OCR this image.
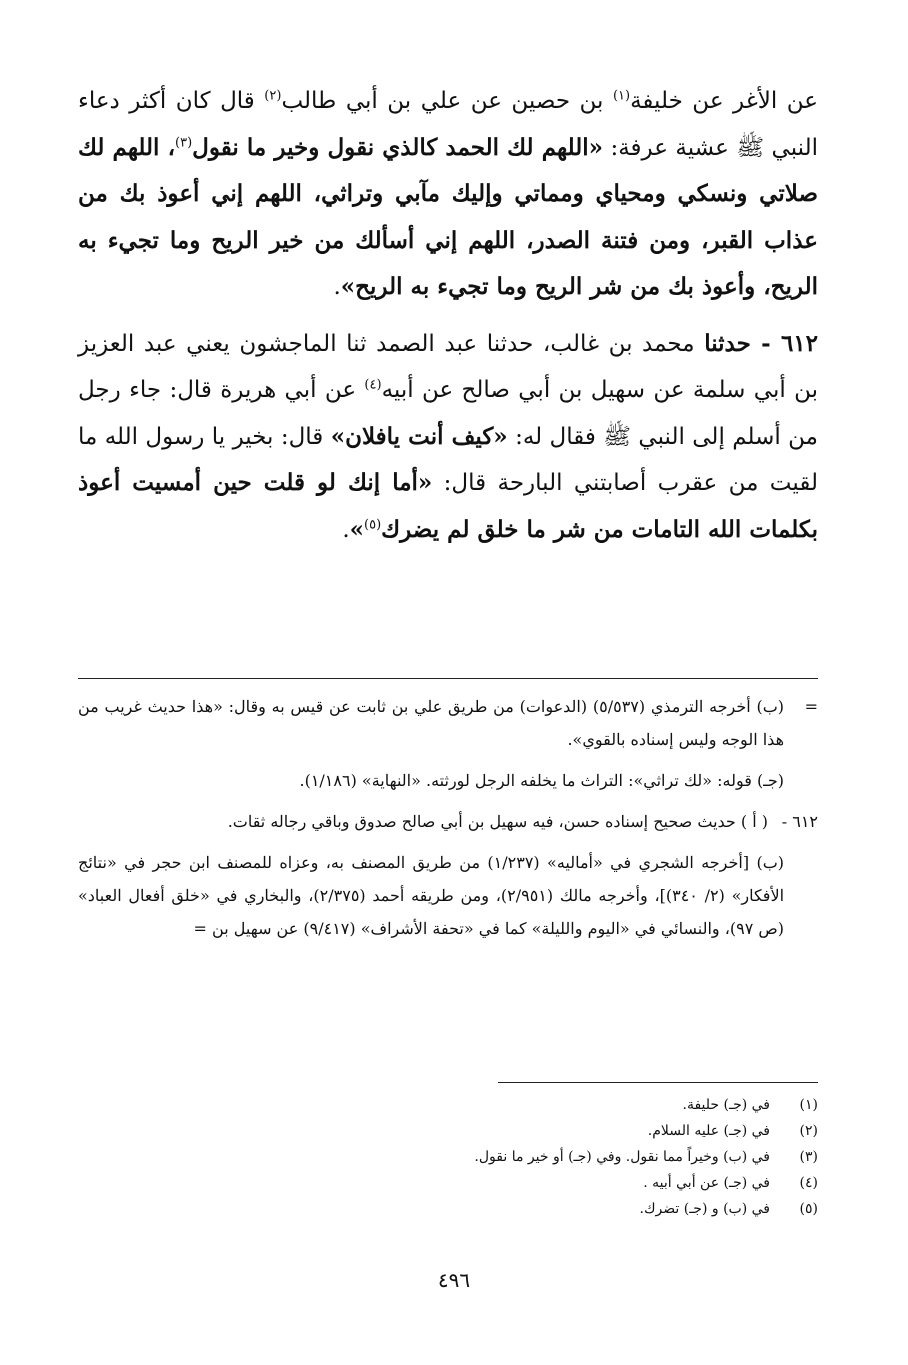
عن الأغر عن خليفة$^{(١)}$ بن حصين عن علي بن أبي طالب$^{(٢)}$ قال كان أكثر دعاء النبي ﷺ عشية عرفة: «اللهم لك الحمد كالذي نقول وخير ما نقول$^{(٣)}$، اللهم لك صلاتي ونسكي ومحياي ومماتي وإليك مآبي وتراثي، اللهم إني أعوذ بك من عذاب القبر، ومن فتنة الصدر، اللهم إني أسألك من خير الريح وما تجيء به الريح، وأعوذ بك من شر الريح وما تجيء به الريح».

٦١٢ - حدثنا محمد بن غالب، حدثنا عبد الصمد ثنا الماجشون يعني عبد العزيز بن أبي سلمة عن سهيل بن أبي صالح عن أبيه$^{(٤)}$ عن أبي هريرة قال: جاء رجل من أسلم إلى النبي ﷺ فقال له: «كيف أنت يافلان» قال: بخير يا رسول الله ما لقيت من عقرب أصابتني البارحة قال: «أما إنك لو قلت حين أمسيت أعوذ بكلمات الله التامات من شر ما خلق لم يضرك$^{(٥)}$».

=
(ب) أخرجه الترمذي (٥/٥٣٧) (الدعوات) من طريق علي بن ثابت عن قيس به وقال: «هذا حديث غريب من هذا الوجه وليس إسناده بالقوي».
(جـ) قوله: «لك تراثي»: التراث ما يخلفه الرجل لورثته. «النهاية» (١/١٨٦).
٦١٢ -
( أ ) حديث صحيح إسناده حسن، فيه سهيل بن أبي صالح صدوق وباقي رجاله ثقات.
(ب) [أخرجه الشجري في «أماليه» (١/٢٣٧) من طريق المصنف به، وعزاه للمصنف ابن حجر في «نتائج الأفكار» (٢/ ٣٤٠)]، وأخرجه مالك (٢/٩٥١)، ومن طريقه أحمد (٢/٣٧٥)، والبخاري في «خلق أفعال العباد» (ص ٩٧)، والنسائي في «اليوم والليلة» كما في «تحفة الأشراف» (٩/٤١٧) عن سهيل بن =
(١)
في (جـ) حليفة.
(٢)
في (جـ) عليه السلام.
(٣)
في (ب) وخيراً مما نقول. وفي (جـ) أو خير ما نقول.
(٤)
في (جـ) عن أبي أبيه .
(٥)
في (ب) و (جـ) تضرك.
٤٩٦
